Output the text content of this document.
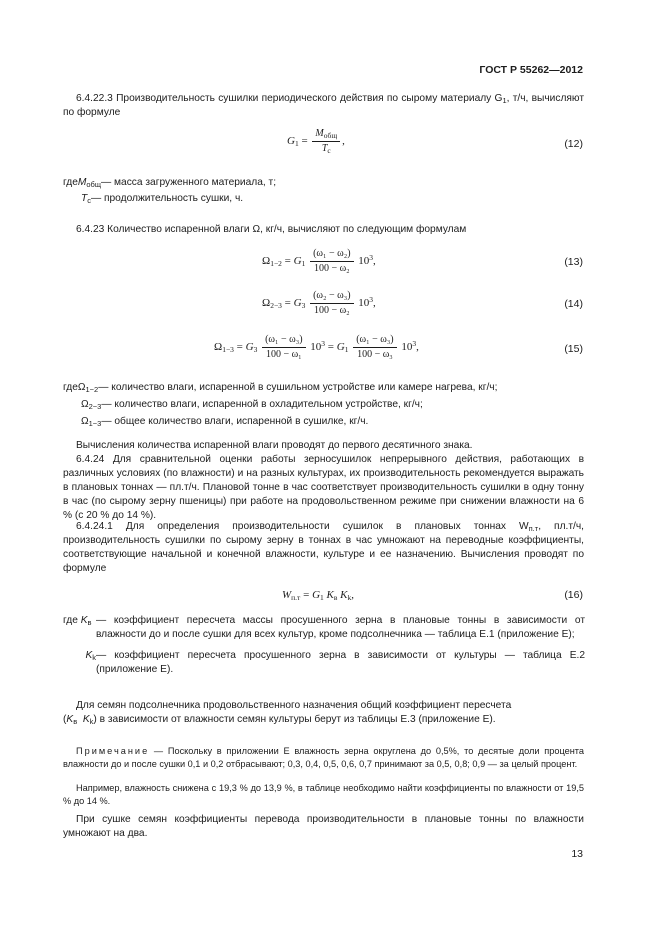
ГОСТ Р 55262—2012

6.4.22.3 Производительность сушилки периодического действия по сырому материалу $G_1$, т/ч, вычисляют по формуле

$G_1 = \frac{M_{общ}}{T_c}$ ,	(12)
где $M_{общ}$ — масса загруженного материала, т;
$T_c$ — продолжительность сушки, ч.

6.4.23 Количество испаренной влаги Ω, кг/ч, вычисляют по следующим формулам

$\Omega_{1-2} = G_1 \frac{\text{(ω₁ − ω₂)}}{\text{100 − ω₂}} 10^3$,	(13)
$\Omega_{2-3} = G_3 \frac{\text{(ω₂ − ω₃)}}{\text{100 − ω₂}} 10^3$,	(14)
$\Omega_{1-3} = G_3 \frac{\text{(ω₁ − ω₃)}}{\text{100 − ω₁}} 10^3 = G_1 \frac{\text{(ω₁ − ω₃)}}{\text{100 − ω₃}} 10^3$,	(15)
где $\Omega_{1-2}$ — количество влаги, испаренной в сушильном устройстве или камере нагрева, кг/ч;
$\Omega_{2-3}$ — количество влаги, испаренной в охладительном устройстве, кг/ч;
$\Omega_{1-3}$ — общее количество влаги, испаренной в сушилке, кг/ч.

Вычисления количества испаренной влаги проводят до первого десятичного знака.

6.4.24 Для сравнительной оценки работы зерносушилок непрерывного действия, работающих в различных условиях (по влажности) и на разных культурах, их производительность рекомендуется выражать в плановых тоннах — пл.т/ч. Плановой тонне в час соответствует производительность сушилки в одну тонну в час (по сырому зерну пшеницы) при работе на продовольственном режиме при снижении влажности на 6 % (с 20 % до 14 %).

6.4.24.1 Для определения производительности сушилок в плановых тоннах $W_{п.т}$, пл.т/ч, производительность сушилки по сырому зерну в тоннах в час умножают на переводные коэффициенты, соответствующие начальной и конечной влажности, культуре и ее назначению. Вычисления проводят по формуле

$W_{п.т} = G_1$ $K_в$ $K_k$,	(16)
где $K_в$ — коэффициент пересчета массы просушенного зерна в плановые тонны в зависимости от влажности до и после сушки для всех культур, кроме подсолнечника — таблица Е.1 (приложение Е);
$K_k$ — коэффициент пересчета просушенного зерна в зависимости от культуры — таблица Е.2 (приложение Е).

Для семян подсолнечника продовольственного назначения общий коэффициент пересчета

($K_в$ $K_k$) в зависимости от влажности семян культуры берут из таблицы Е.3 (приложение Е).

Примечание — Поскольку в приложении Е влажность зерна округлена до 0,5%, то десятые доли процента влажности до и после сушки 0,1 и 0,2 отбрасывают; 0,3, 0,4, 0,5, 0,6, 0,7 принимают за 0,5, 0,8; 0,9 — за целый процент.

Например, влажность снижена с 19,3 % до 13,9 %, в таблице необходимо найти коэффициенты по влажности от 19,5 % до 14 %.

При сушке семян коэффициенты перевода производительности в плановые тонны по влажности умножают на два.

13
